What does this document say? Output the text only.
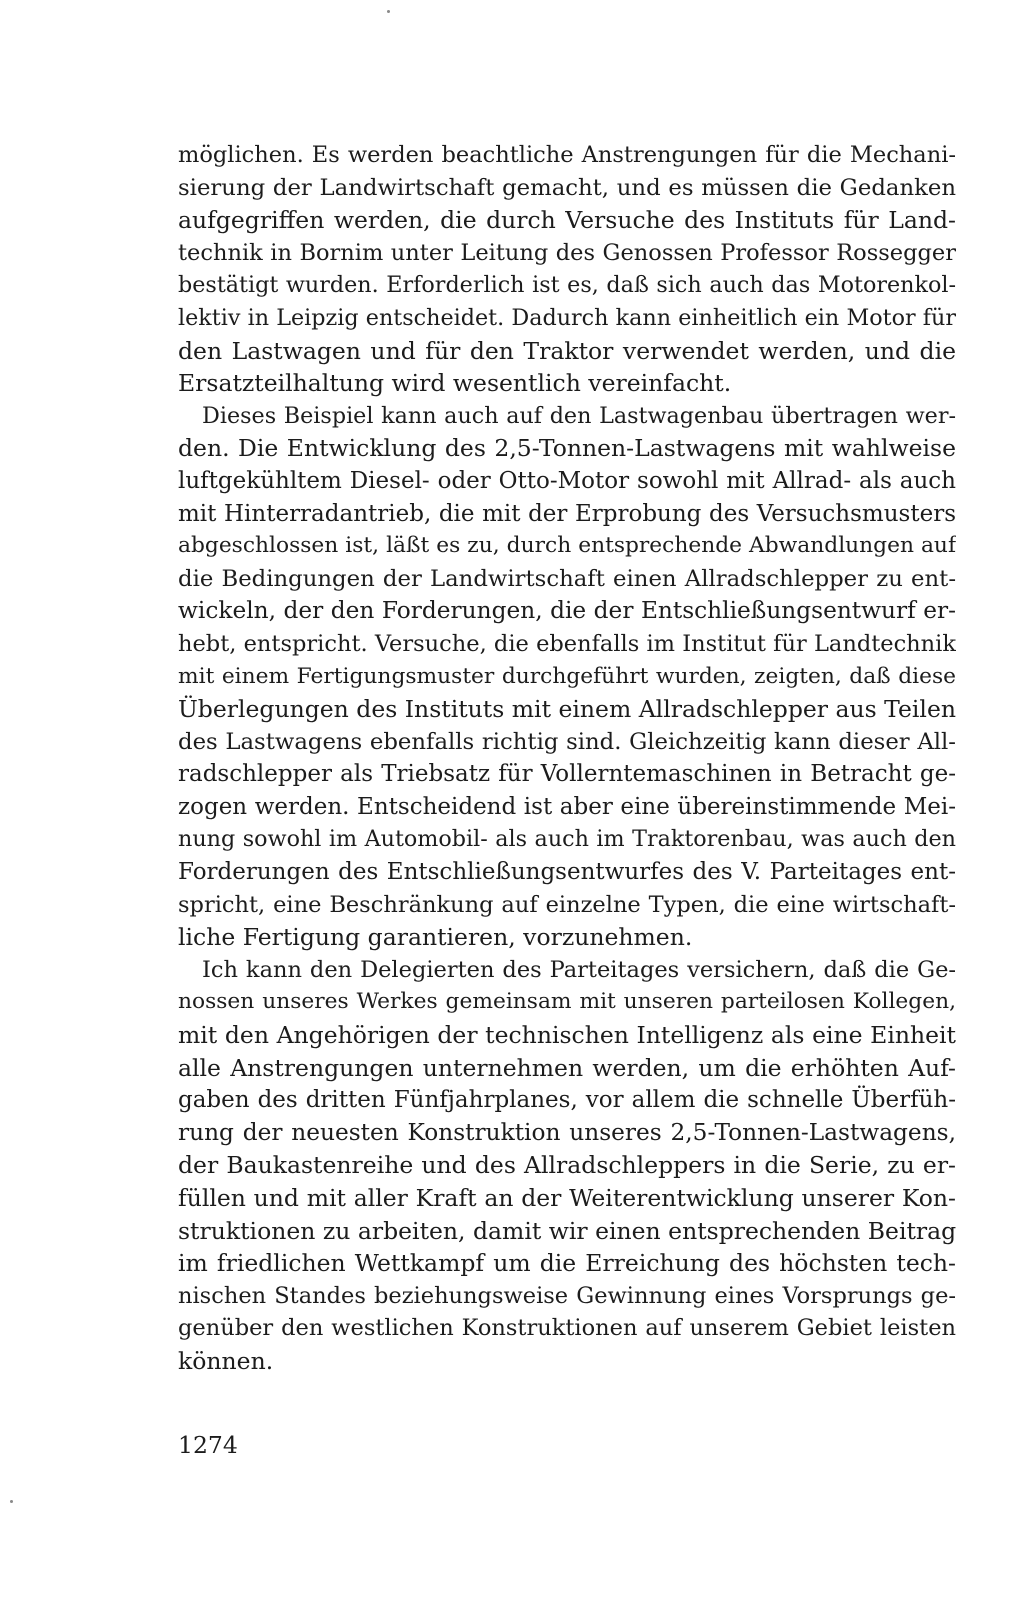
möglichen. Es werden beachtliche Anstrengungen für die Mechani-
sierung der Landwirtschaft gemacht, und es müssen die Gedanken
aufgegriffen werden, die durch Versuche des Instituts für Land-
technik in Bornim unter Leitung des Genossen Professor Rossegger
bestätigt wurden. Erforderlich ist es, daß sich auch das Motorenkol-
lektiv in Leipzig entscheidet. Dadurch kann einheitlich ein Motor für
den Lastwagen und für den Traktor verwendet werden, und die
Ersatzteilhaltung wird wesentlich vereinfacht.
Dieses Beispiel kann auch auf den Lastwagenbau übertragen wer-
den. Die Entwicklung des 2,5-Tonnen-Lastwagens mit wahlweise
luftgekühltem Diesel- oder Otto-Motor sowohl mit Allrad- als auch
mit Hinterradantrieb, die mit der Erprobung des Versuchsmusters
abgeschlossen ist, läßt es zu, durch entsprechende Abwandlungen auf
die Bedingungen der Landwirtschaft einen Allradschlepper zu ent-
wickeln, der den Forderungen, die der Entschließungsentwurf er-
hebt, entspricht. Versuche, die ebenfalls im Institut für Landtechnik
mit einem Fertigungsmuster durchgeführt wurden, zeigten, daß diese
Überlegungen des Instituts mit einem Allradschlepper aus Teilen
des Lastwagens ebenfalls richtig sind. Gleichzeitig kann dieser All-
radschlepper als Triebsatz für Vollerntemaschinen in Betracht ge-
zogen werden. Entscheidend ist aber eine übereinstimmende Mei-
nung sowohl im Automobil- als auch im Traktorenbau, was auch den
Forderungen des Entschließungsentwurfes des V. Parteitages ent-
spricht, eine Beschränkung auf einzelne Typen, die eine wirtschaft-
liche Fertigung garantieren, vorzunehmen.
Ich kann den Delegierten des Parteitages versichern, daß die Ge-
nossen unseres Werkes gemeinsam mit unseren parteilosen Kollegen,
mit den Angehörigen der technischen Intelligenz als eine Einheit
alle Anstrengungen unternehmen werden, um die erhöhten Auf-
gaben des dritten Fünfjahrplanes, vor allem die schnelle Überfüh-
rung der neuesten Konstruktion unseres 2,5-Tonnen-Lastwagens,
der Baukastenreihe und des Allradschleppers in die Serie, zu er-
füllen und mit aller Kraft an der Weiterentwicklung unserer Kon-
struktionen zu arbeiten, damit wir einen entsprechenden Beitrag
im friedlichen Wettkampf um die Erreichung des höchsten tech-
nischen Standes beziehungsweise Gewinnung eines Vorsprungs ge-
genüber den westlichen Konstruktionen auf unserem Gebiet leisten
können.
1274
